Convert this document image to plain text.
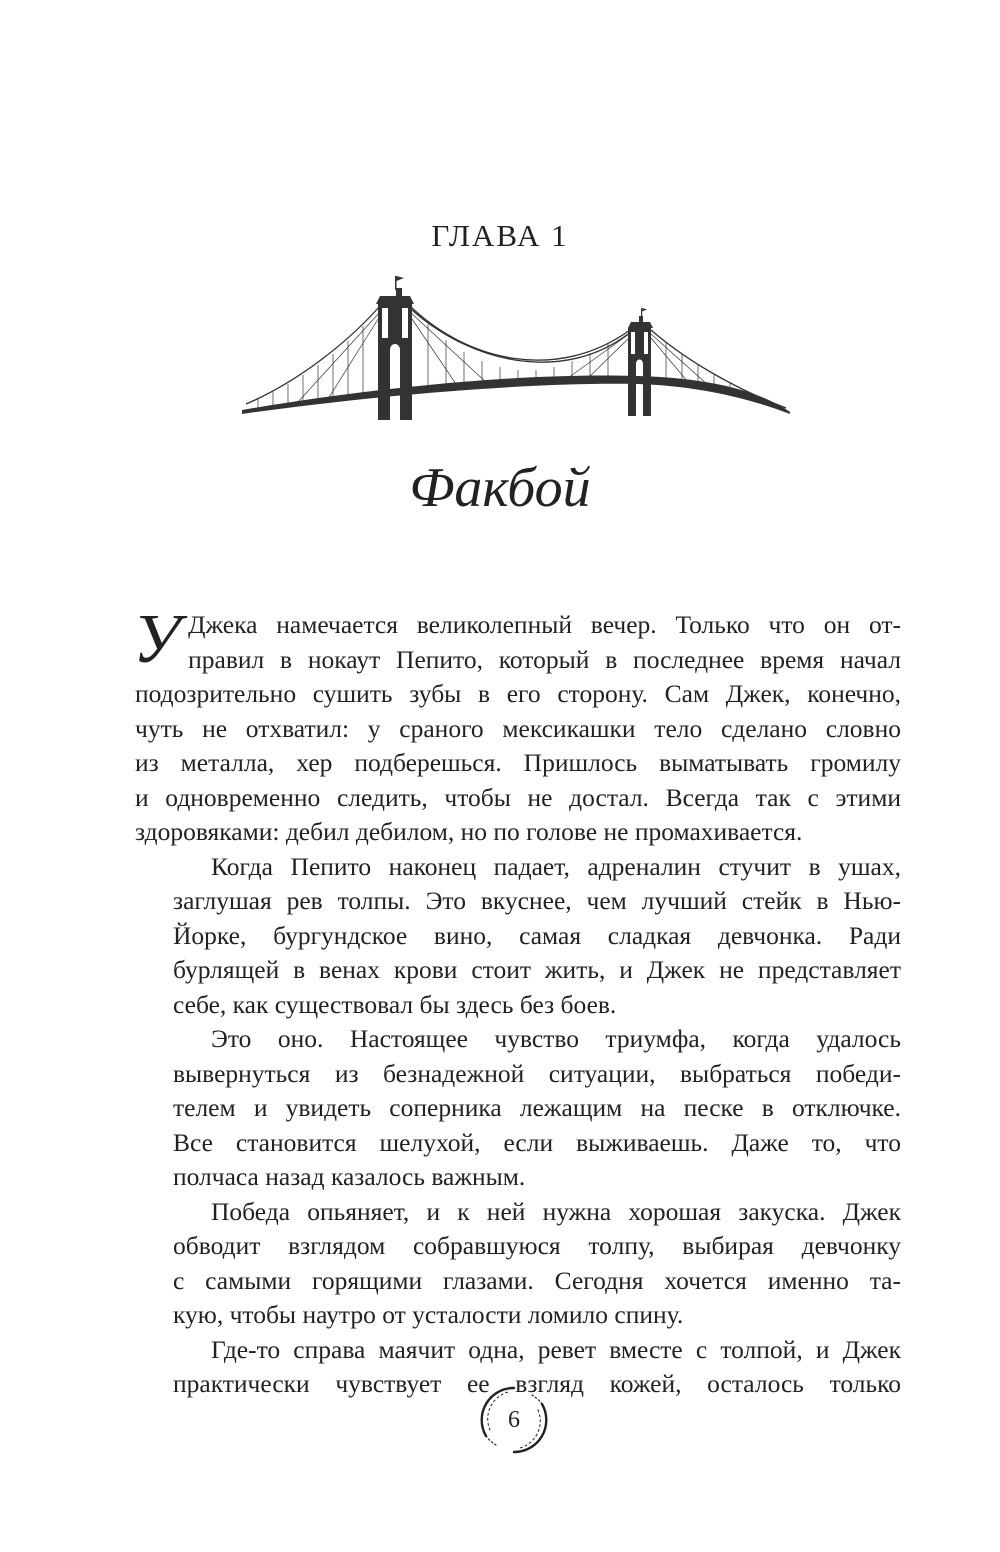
ГЛАВА 1
Факбой

У Джека намечается великолепный вечер. Только что он от-
правил в нокаут Пепито, который в последнее время начал
подозрительно сушить зубы в его сторону. Сам Джек, конечно,
чуть не отхватил: у сраного мексикашки тело сделано словно
из металла, хер подберешься. Пришлось выматывать громилу
и одновременно следить, чтобы не достал. Всегда так с этими
здоровяками: дебил дебилом, но по голове не промахивается.

Когда Пепито наконец падает, адреналин стучит в ушах,
заглушая рев толпы. Это вкуснее, чем лучший стейк в Нью-
Йорке, бургундское вино, самая сладкая девчонка. Ради
бурлящей в венах крови стоит жить, и Джек не представляет
себе, как существовал бы здесь без боев.

Это оно. Настоящее чувство триумфа, когда удалось
вывернуться из безнадежной ситуации, выбраться победи-
телем и увидеть соперника лежащим на песке в отключке.
Все становится шелухой, если выживаешь. Даже то, что
полчаса назад казалось важным.

Победа опьяняет, и к ней нужна хорошая закуска. Джек
обводит взглядом собравшуюся толпу, выбирая девчонку
с самыми горящими глазами. Сегодня хочется именно та-
кую, чтобы наутро от усталости ломило спину.

Где-то справа маячит одна, ревет вместе с толпой, и Джек
практически чувствует ее взгляд кожей, осталось только

6
